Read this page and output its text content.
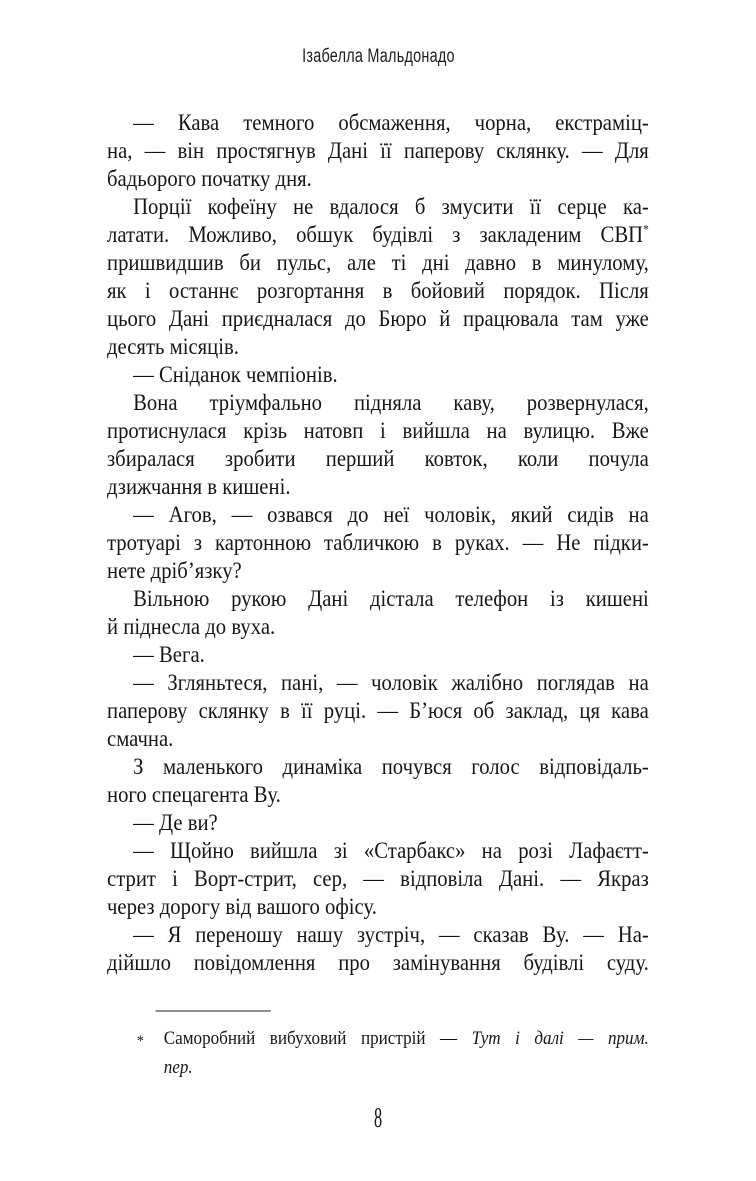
Ізабелла Мальдонадо
— Кава темного обсмаження, чорна, екстраміц-
на, — він простягнув Дані її паперову склянку. — Для
бадьорого початку дня.
Порції кофеїну не вдалося б змусити її серце ка-
латати. Можливо, обшук будівлі з закладеним СВП*
пришвидшив би пульс, але ті дні давно в минулому,
як і останнє розгортання в бойовий порядок. Після
цього Дані приєдналася до Бюро й працювала там уже
десять місяців.
— Сніданок чемпіонів.
Вона тріумфально підняла каву, розвернулася,
протиснулася крізь натовп і вийшла на вулицю. Вже
збиралася зробити перший ковток, коли почула
дзижчання в кишені.
— Агов, — озвався до неї чоловік, який сидів на
тротуарі з картонною табличкою в руках. — Не підки-
нете дріб’язку?
Вільною рукою Дані дістала телефон із кишені
й піднесла до вуха.
— Вега.
— Згляньтеся, пані, — чоловік жалібно поглядав на
паперову склянку в її руці. — Б’юся об заклад, ця кава
смачна.
З маленького динаміка почувся голос відповідаль-
ного спецагента Ву.
— Де ви?
— Щойно вийшла зі «Старбакс» на розі Лафаєтт-
стрит і Ворт-стрит, сер, — відповіла Дані. — Якраз
через дорогу від вашого офісу.
— Я переношу нашу зустріч, — сказав Ву. — На-
дійшло повідомлення про замінування будівлі суду.
* Саморобний вибуховий пристрій — Тут і далі — прим.
пер.
8
